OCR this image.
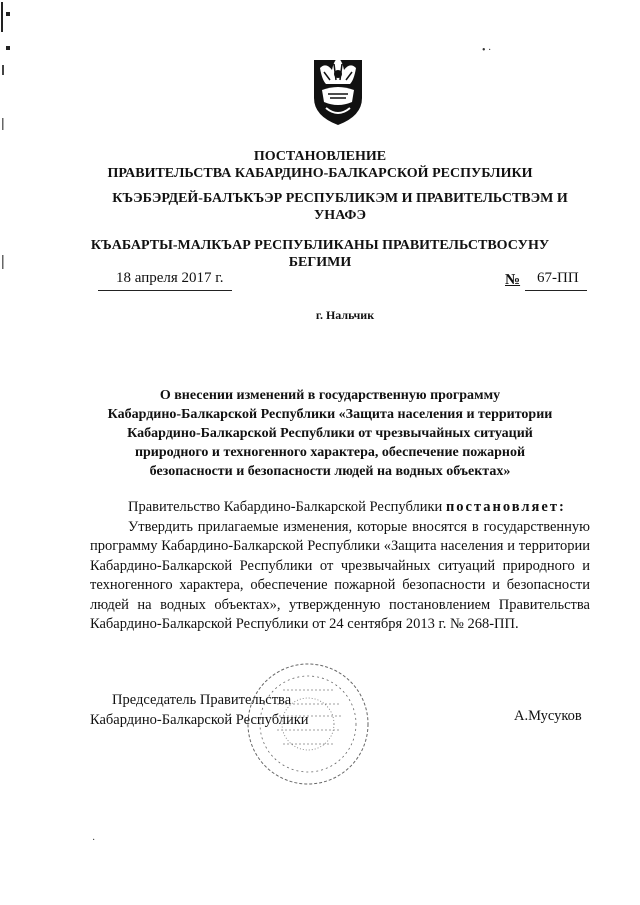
ПОСТАНОВЛЕНИЕ
ПРАВИТЕЛЬСТВА КАБАРДИНО-БАЛКАРСКОЙ РЕСПУБЛИКИ
КЪЭБЭРДЕЙ-БАЛЪКЪЭР РЕСПУБЛИКЭМ И ПРАВИТЕЛЬСТВЭМ И
УНАФЭ
КЪАБАРТЫ-МАЛКЪАР РЕСПУБЛИКАНЫ ПРАВИТЕЛЬСТВОСУНУ
БЕГИМИ
18 апреля 2017 г.	№ 67-ПП
г. Нальчик
О внесении изменений в государственную программу
Кабардино-Балкарской Республики «Защита населения и территории
Кабардино-Балкарской Республики от чрезвычайных ситуаций
природного и техногенного характера, обеспечение пожарной
безопасности и безопасности людей на водных объектах»

Правительство Кабардино-Балкарской Республики постановляет:

Утвердить прилагаемые изменения, которые вносятся в государственную программу Кабардино-Балкарской Республики «Защита населения и территории Кабардино-Балкарской Республики от чрезвычайных ситуаций природного и техногенного характера, обеспечение пожарной безопасности и безопасности людей на водных объектах», утвержденную постановлением Правительства Кабардино-Балкарской Республики от 24 сентября 2013 г. № 268-ПП.

Председатель Правительства
Кабардино-Балкарской Республики	А.Мусуков
• ·
·
